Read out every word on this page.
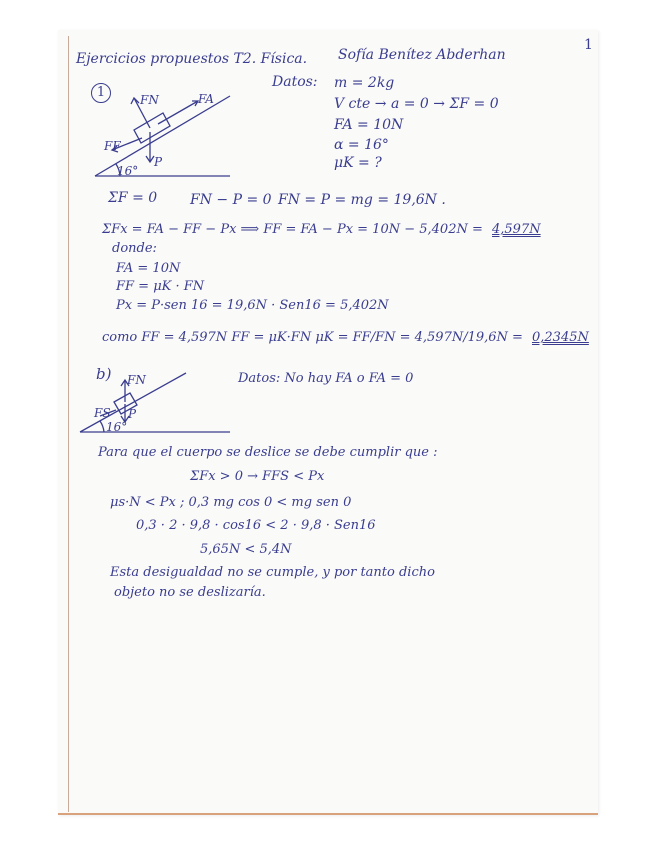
Ejercicios propuestos T2. Física. Sofía Benítez Abderhan
1
1	FN	FA
FF
P
16°
Datos: m = 2kg
V cte → a = 0 → ΣF = 0
FA = 10N
α = 16°
μK = ?
ΣF = 0 FN − P = 0 FN = P = mg = 19,6N .
ΣFx = FA − FF − Px ⟹ FF = FA − Px = 10N − 5,402N = 4,597N
donde:
FA = 10N
FF = μK · FN
Px = P·sen 16 = 19,6N · Sen16 = 5,402N
como FF = 4,597N FF = μK·FN μK = FF/FN = 4,597N/19,6N = 0,2345N
b) FN
FS P
16°
Datos: No hay FA o FA = 0
Para que el cuerpo se deslice se debe cumplir que :
ΣFx > 0 → FFS < Px
μs·N < Px ; 0,3 mg cos 0 < mg sen 0
0,3 · 2 · 9,8 · cos16 < 2 · 9,8 · Sen16
5,65N < 5,4N
Esta desigualdad no se cumple, y por tanto dicho
objeto no se deslizaría.
